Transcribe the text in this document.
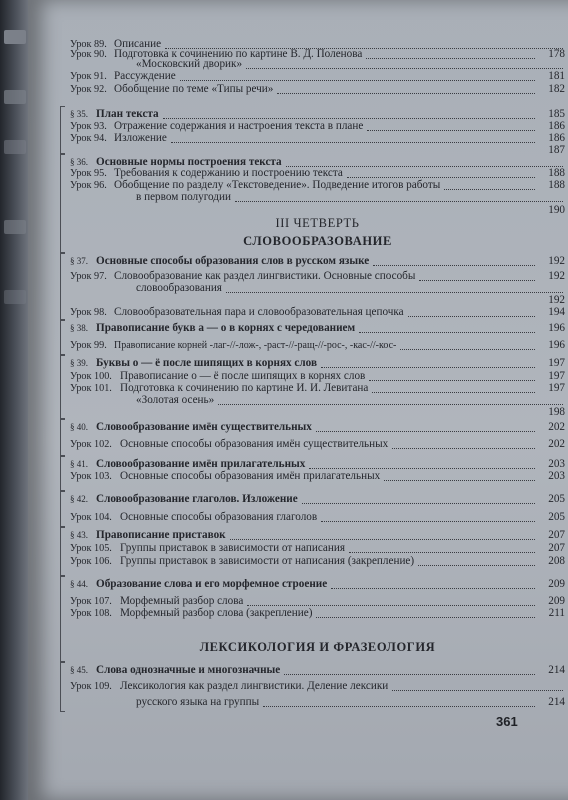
Урок 89. Описание
Урок 90. Подготовка к сочинению по картине В. Д. Поленова	178
«Московский дворик»
Урок 91. Рассуждение	181
Урок 92. Обобщение по теме «Типы речи»	182
§ 35. План текста	185
Урок 93. Отражение содержания и настроения текста в плане	186
Урок 94. Изложение	186
187
§ 36. Основные нормы построения текста
Урок 95. Требования к содержанию и построению текста	188
Урок 96. Обобщение по разделу «Текстоведение». Подведение итогов работы	188
в первом полугодии
190
III ЧЕТВЕРТЬ
СЛОВООБРАЗОВАНИЕ
§ 37. Основные способы образования слов в русском языке	192
Урок 97. Словообразование как раздел лингвистики. Основные способы	192
словообразования
192
Урок 98. Словообразовательная пара и словообразовательная цепочка	194
§ 38. Правописание букв а — о в корнях с чередованием	196
Урок 99. Правописание корней -лаг-//-лож-, -раст-//-ращ-//-рос-, -кас-//-кос-	196
§ 39. Буквы о — ё после шипящих в корнях слов	197
Урок 100. Правописание о — ё после шипящих в корнях слов	197
Урок 101. Подготовка к сочинению по картине И. И. Левитана	197
«Золотая осень»
198
§ 40. Словообразование имён существительных	202
Урок 102. Основные способы образования имён существительных	202
§ 41. Словообразование имён прилагательных	203
Урок 103. Основные способы образования имён прилагательных	203
§ 42. Словообразование глаголов. Изложение	205
Урок 104. Основные способы образования глаголов	205
§ 43. Правописание приставок	207
Урок 105. Группы приставок в зависимости от написания	207
Урок 106. Группы приставок в зависимости от написания (закрепление)	208
§ 44. Образование слова и его морфемное строение	209
Урок 107. Морфемный разбор слова	209
Урок 108. Морфемный разбор слова (закрепление)	211
ЛЕКСИКОЛОГИЯ И ФРАЗЕОЛОГИЯ
§ 45. Слова однозначные и многозначные	214
Урок 109. Лексикология как раздел лингвистики. Деление лексики
русского языка на группы	214
361
